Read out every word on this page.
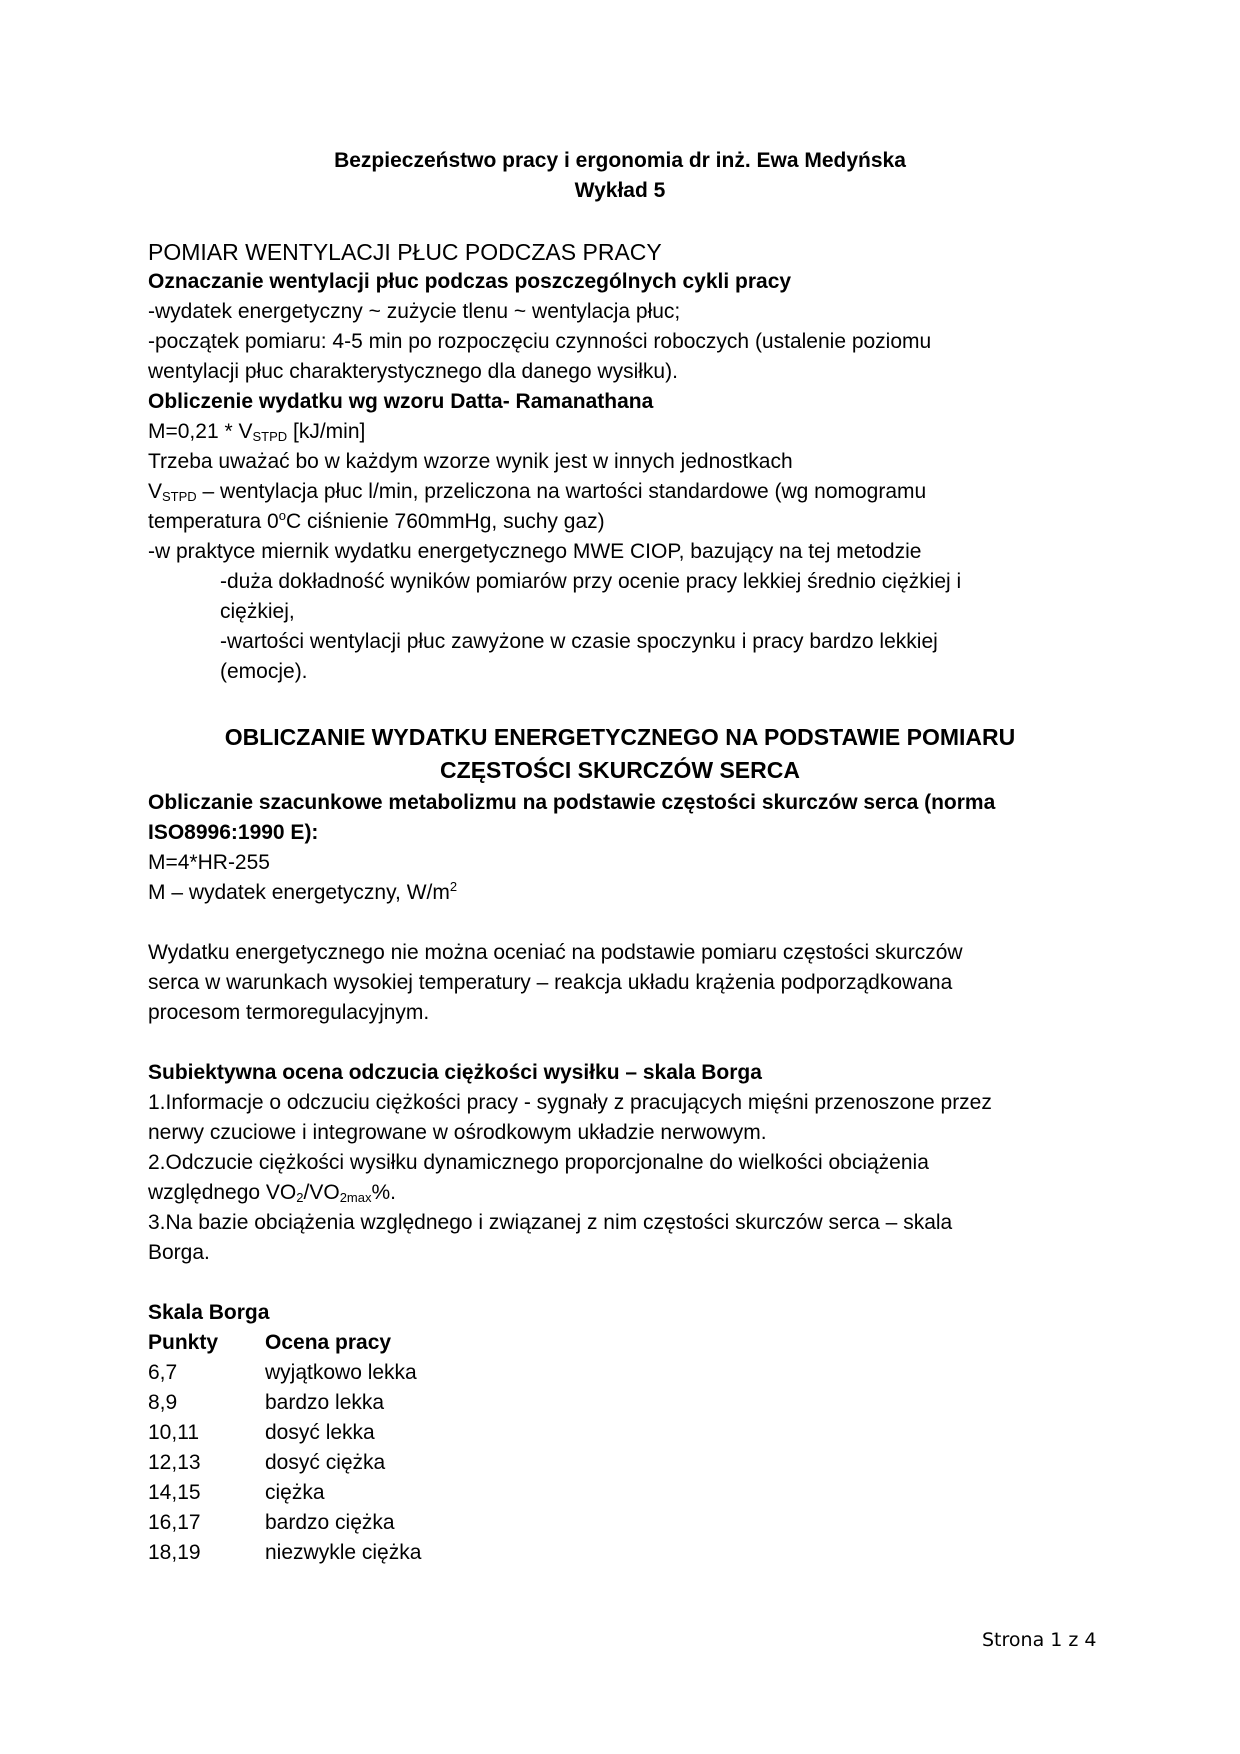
Bezpieczeństwo pracy i ergonomia dr inż. Ewa Medyńska
Wykład 5
POMIAR WENTYLACJI PŁUC PODCZAS PRACY
Oznaczanie wentylacji płuc podczas poszczególnych cykli pracy
-wydatek energetyczny ~ zużycie tlenu ~ wentylacja płuc;
-początek pomiaru: 4-5 min po rozpoczęciu czynności roboczych (ustalenie poziomu
wentylacji płuc charakterystycznego dla danego wysiłku).
Obliczenie wydatku wg wzoru Datta- Ramanathana
$M=0,21 * V_{STPD}$ [kJ/min]
Trzeba uważać bo w każdym wzorze wynik jest w innych jednostkach
$V_{STPD}$ – wentylacja płuc l/min, przeliczona na wartości standardowe (wg nomogramu
temperatura 0$^o$C ciśnienie 760mmHg, suchy gaz)
-w praktyce miernik wydatku energetycznego MWE CIOP, bazujący na tej metodzie
-duża dokładność wyników pomiarów przy ocenie pracy lekkiej średnio ciężkiej i
ciężkiej,
-wartości wentylacji płuc zawyżone w czasie spoczynku i pracy bardzo lekkiej
(emocje).
OBLICZANIE WYDATKU ENERGETYCZNEGO NA PODSTAWIE POMIARU
CZĘSTOŚCI SKURCZÓW SERCA
Obliczanie szacunkowe metabolizmu na podstawie częstości skurczów serca (norma
ISO8996:1990 E):
M=4*HR-255
M – wydatek energetyczny, $W/m^2$
Wydatku energetycznego nie można oceniać na podstawie pomiaru częstości skurczów
serca w warunkach wysokiej temperatury – reakcja układu krążenia podporządkowana
procesom termoregulacyjnym.
Subiektywna ocena odczucia ciężkości wysiłku – skala Borga
1.Informacje o odczuciu ciężkości pracy - sygnały z pracujących mięśni przenoszone przez
nerwy czuciowe i integrowane w ośrodkowym układzie nerwowym.
2.Odczucie ciężkości wysiłku dynamicznego proporcjonalne do wielkości obciążenia
względnego $VO_2/VO_{2max}\%$.
3.Na bazie obciążenia względnego i związanej z nim częstości skurczów serca – skala
Borga.
Skala Borga
Punkty Ocena pracy
6,7	wyjątkowo lekka
8,9	bardzo lekka
10,11	dosyć lekka
12,13	dosyć ciężka
14,15	ciężka
16,17	bardzo ciężka
18,19	niezwykle ciężka
Strona 1 z 4
